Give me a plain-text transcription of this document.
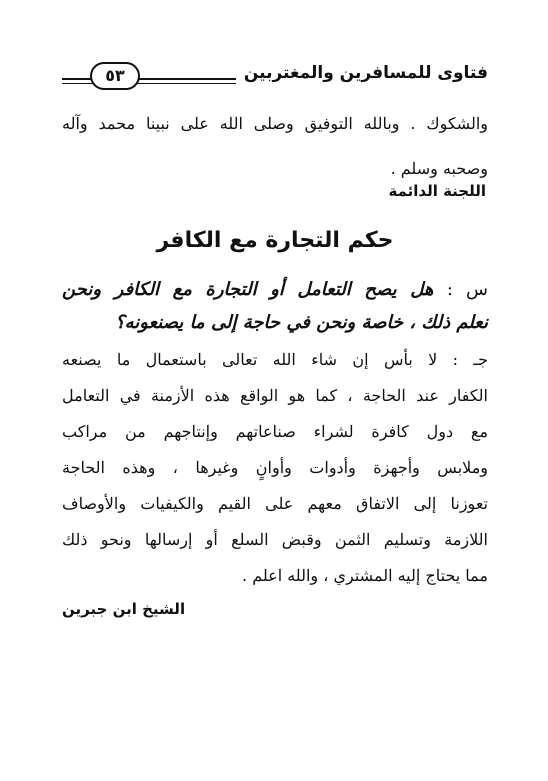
فتاوى للمسافرين والمغتربين
٥٣
والشكوك . وبالله التوفيق وصلى الله على نبينا محمد وآله
وصحبه وسلم .
اللجنة الدائمة
حكم التجارة مع الكافر
س : هل يصح التعامل أو التجارة مع الكافر ونحن
نعلم ذلك ، خاصة ونحن في حاجة إلى ما يصنعونه؟
جـ : لا بأس إن شاء الله تعالى باستعمال ما يصنعه
الكفار عند الحاجة ، كما هو الواقع هذه الأزمنة في التعامل
مع دول كافرة لشراء صناعاتهم وإنتاجهم من مراكب
وملابس وأجهزة وأدوات وأوانٍ وغيرها ، وهذه الحاجة
تعوزنا إلى الاتفاق معهم على القيم والكيفيات والأوصاف
اللازمة وتسليم الثمن وقبض السلع أو إرسالها ونحو ذلك
مما يحتاج إليه المشتري ، والله اعلم .
الشيخ ابن جبرين
